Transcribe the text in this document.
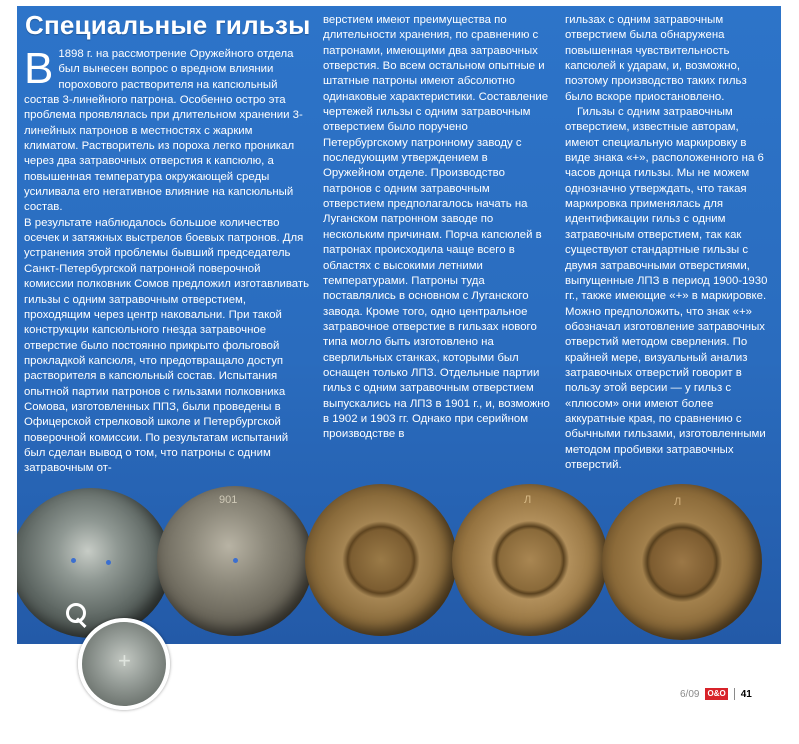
Специальные гильзы

В 1898 г. на рассмотрение Оружейного отдела был вынесен вопрос о вредном влиянии порохового растворителя на капсюльный состав 3-линейного патрона. Особенно остро эта проблема проявлялась при длительном хранении 3-линейных патронов в местностях с жарким климатом. Растворитель из пороха легко проникал через два затравочных отверстия к капсюлю, а повышенная температура окружающей среды усиливала его негативное влияние на капсюльный состав.

В результате наблюдалось большое количество осечек и затяжных выстрелов боевых патронов. Для устранения этой проблемы бывший председатель Санкт-Петербургской патронной поверочной комиссии полковник Сомов предложил изготавливать гильзы с одним затравочным отверстием, проходящим через центр наковальни. При такой конструкции капсюльного гнезда затравочное отверстие было постоянно прикрыто фольговой прокладкой капсюля, что предотвращало доступ растворителя в капсюльный состав. Испытания опытной партии патронов с гильзами полковника Сомова, изготовленных ППЗ, были проведены в Офицерской стрелковой школе и Петербургской поверочной комиссии. По результатам испытаний был сделан вывод о том, что патроны с одним затравочным от-

верстием имеют преимущества по длительности хранения, по сравнению с патронами, имеющими два затравочных отверстия. Во всем остальном опытные и штатные патроны имеют абсолютно одинаковые характеристики. Составление чертежей гильзы с одним затравочным отверстием было поручено Петербургскому патронному заводу с последующим утверждением в Оружейном отделе. Производство патронов с одним затравочным отверстием предполагалось начать на Луганском патронном заводе по нескольким причинам. Порча капсюлей в патронах происходила чаще всего в областях с высокими летними температурами. Патроны туда поставлялись в основном с Луганского завода. Кроме того, одно центральное затравочное отверстие в гильзах нового типа могло быть изготовлено на сверлильных станках, которыми был оснащен только ЛПЗ. Отдельные партии гильз с одним затравочным отверстием выпускались на ЛПЗ в 1901 г., и, возможно в 1902 и 1903 гг. Однако при серийном производстве в

гильзах с одним затравочным отверстием была обнаружена повышенная чувствительность капсюлей к ударам, и, возможно, поэтому производство таких гильз было вскоре приостановлено.

Гильзы с одним затравочным отверстием, известные авторам, имеют специальную маркировку в виде знака «+», расположенного на 6 часов донца гильзы. Мы не можем однозначно утверждать, что такая маркировка применялась для идентификации гильз с одним затравочным отверстием, так как существуют стандартные гильзы с двумя затравочными отверстиями, выпущенные ЛПЗ в период 1900-1930 гг., также имеющие «+» в маркировке. Можно предположить, что знак «+» обозначал изготовление затравочных отверстий методом сверления. По крайней мере, визуальный анализ затравочных отверстий говорит в пользу этой версии — у гильз с «плюсом» они имеют более аккуратные края, по сравнению с обычными гильзами, изготовленными методом пробивки затравочных отверстий.

901	Л	Л
+
6/09 О&О 41
